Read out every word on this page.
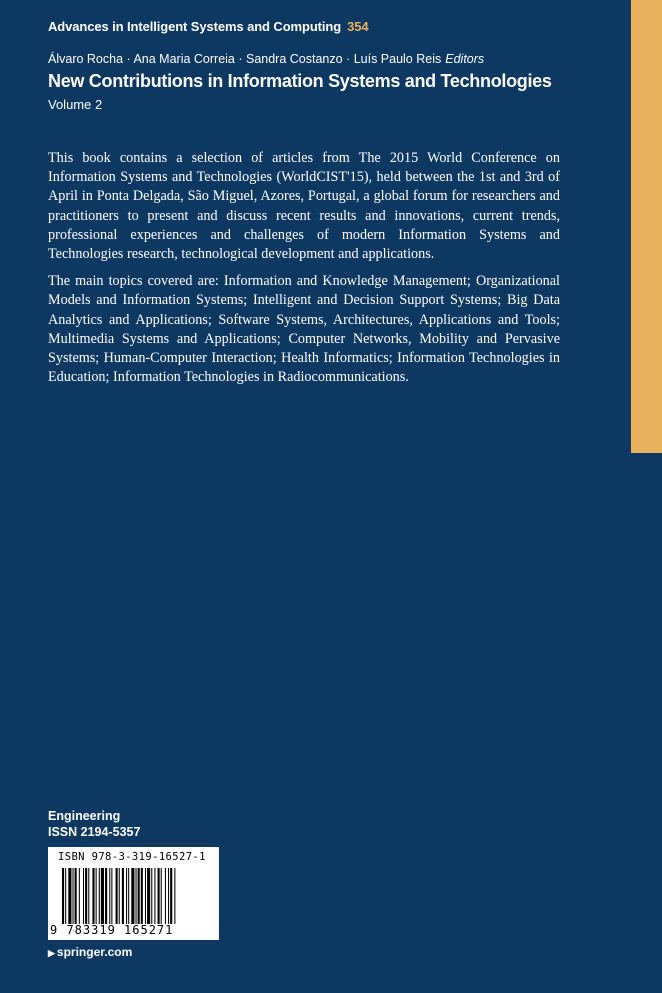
Advances in Intelligent Systems and Computing 354
Álvaro Rocha · Ana Maria Correia · Sandra Costanzo · Luís Paulo Reis Editors
New Contributions in Information Systems and Technologies
Volume 2

This book contains a selection of articles from The 2015 World Conference on Information Systems and Technologies (WorldCIST'15), held between the 1st and 3rd of April in Ponta Delgada, São Miguel, Azores, Portugal, a global forum for researchers and practitioners to present and discuss recent results and innovations, current trends, professional experiences and challenges of modern Information Systems and Technologies research, technological development and applications.

The main topics covered are: Information and Knowledge Management; Organizational Models and Information Systems; Intelligent and Decision Support Systems; Big Data Analytics and Applications; Software Systems, Architectures, Applications and Tools; Multimedia Systems and Applications; Computer Networks, Mobility and Pervasive Systems; Human-Computer Interaction; Health Informatics; Information Technologies in Education; Information Technologies in Radiocommunications.

Engineering
ISSN 2194-5357
ISBN 978-3-319-16527-1
9 783319 165271
▶ springer.com
